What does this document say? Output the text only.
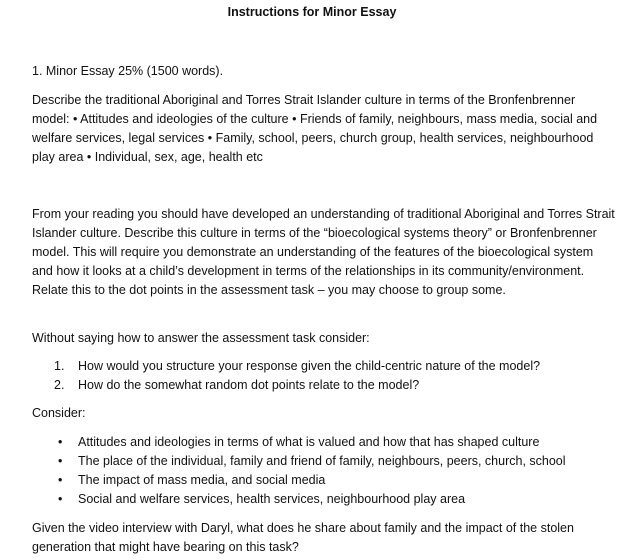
Instructions for Minor Essay

1. Minor Essay 25% (1500 words).

Describe the traditional Aboriginal and Torres Strait Islander culture in terms of the Bronfenbrenner model: • Attitudes and ideologies of the culture • Friends of family, neighbours, mass media, social and welfare services, legal services • Family, school, peers, church group, health services, neighbourhood play area • Individual, sex, age, health etc

From your reading you should have developed an understanding of traditional Aboriginal and Torres Strait Islander culture. Describe this culture in terms of the “bioecological systems theory” or Bronfenbrenner model. This will require you demonstrate an understanding of the features of the bioecological system and how it looks at a child’s development in terms of the relationships in its community/environment. Relate this to the dot points in the assessment task – you may choose to group some.

Without saying how to answer the assessment task consider:

1. How would you structure your response given the child-centric nature of the model?
2. How do the somewhat random dot points relate to the model?

Consider:

• Attitudes and ideologies in terms of what is valued and how that has shaped culture
• The place of the individual, family and friend of family, neighbours, peers, church, school
• The impact of mass media, and social media
• Social and welfare services, health services, neighbourhood play area

Given the video interview with Daryl, what does he share about family and the impact of the stolen generation that might have bearing on this task?
